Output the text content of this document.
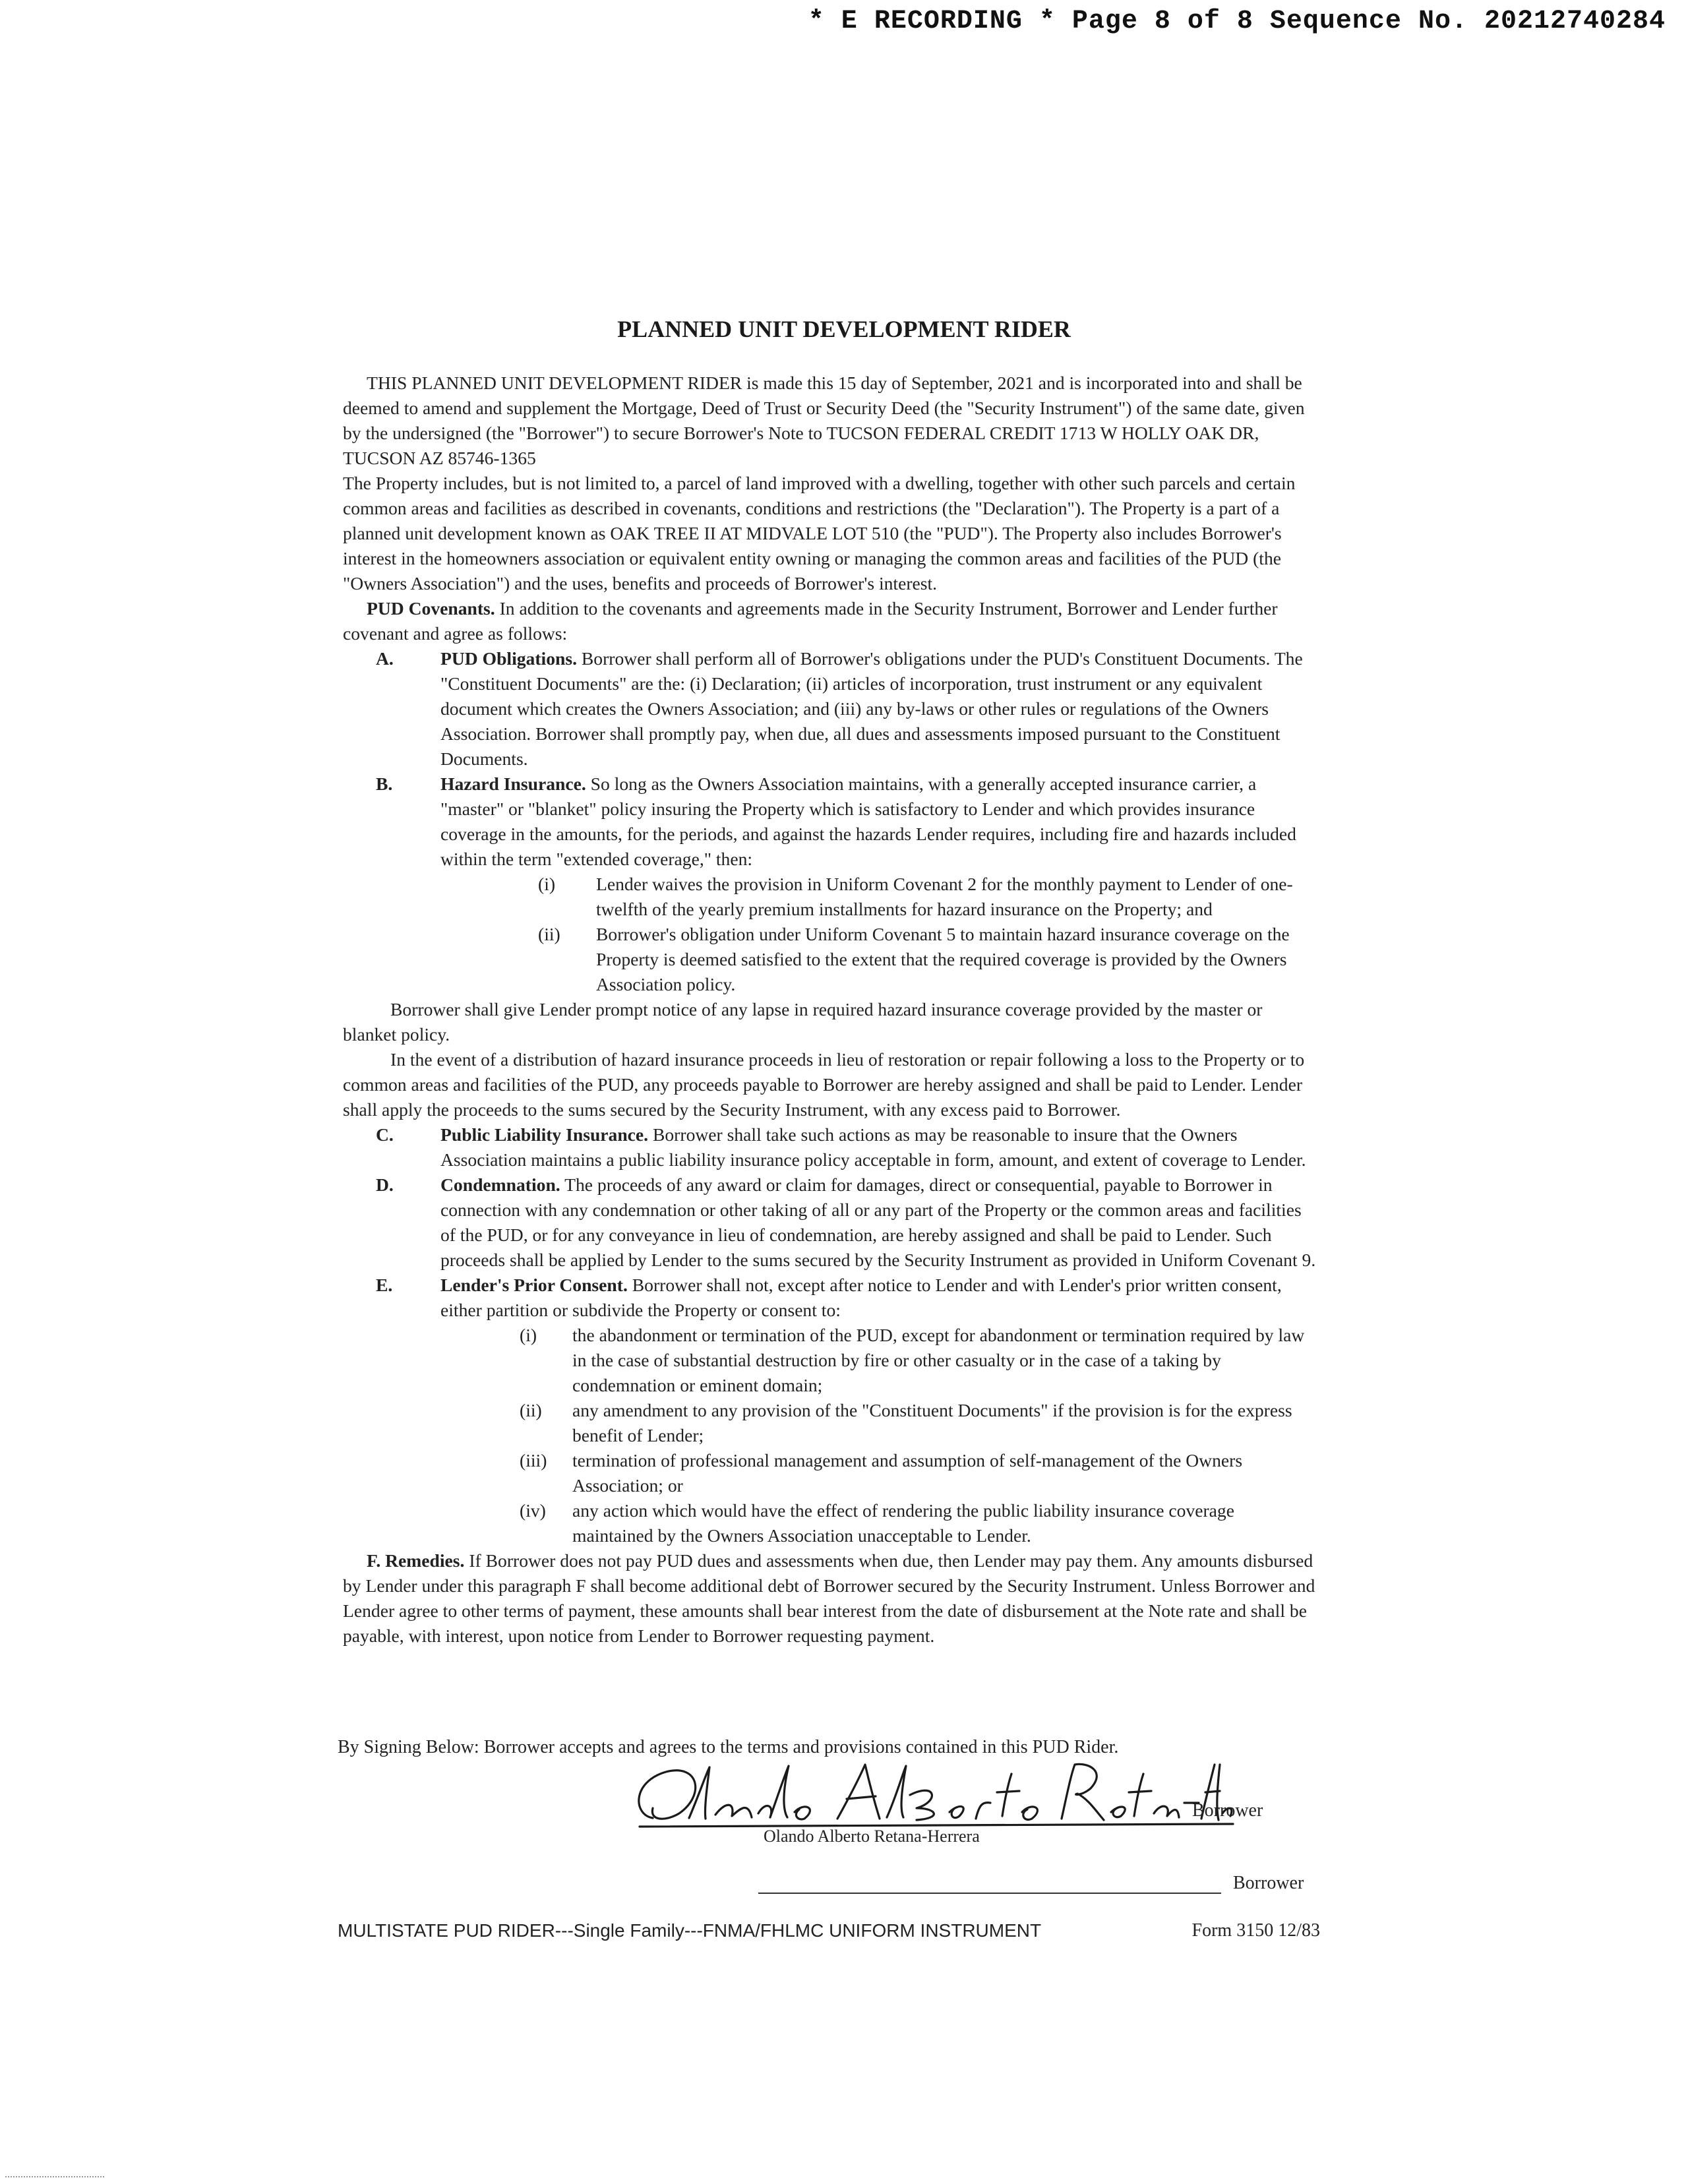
* E RECORDING * Page 8 of 8 Sequence No. 20212740284
PLANNED UNIT DEVELOPMENT RIDER

THIS PLANNED UNIT DEVELOPMENT RIDER is made this 15 day of September, 2021 and is incorporated into and shall be deemed to amend and supplement the Mortgage, Deed of Trust or Security Deed (the "Security Instrument") of the same date, given by the undersigned (the "Borrower") to secure Borrower's Note to TUCSON FEDERAL CREDIT 1713 W HOLLY OAK DR, TUCSON AZ 85746-1365

The Property includes, but is not limited to, a parcel of land improved with a dwelling, together with other such parcels and certain common areas and facilities as described in covenants, conditions and restrictions (the "Declaration"). The Property is a part of a planned unit development known as OAK TREE II AT MIDVALE LOT 510 (the "PUD"). The Property also includes Borrower's interest in the homeowners association or equivalent entity owning or managing the common areas and facilities of the PUD (the "Owners Association") and the uses, benefits and proceeds of Borrower's interest.

PUD Covenants. In addition to the covenants and agreements made in the Security Instrument, Borrower and Lender further covenant and agree as follows:

A.	PUD Obligations. Borrower shall perform all of Borrower's obligations under the PUD's Constituent Documents. The "Constituent Documents" are the: (i) Declaration; (ii) articles of incorporation, trust instrument or any equivalent document which creates the Owners Association; and (iii) any by-laws or other rules or regulations of the Owners Association. Borrower shall promptly pay, when due, all dues and assessments imposed pursuant to the Constituent Documents.
B.	Hazard Insurance. So long as the Owners Association maintains, with a generally accepted insurance carrier, a "master" or "blanket" policy insuring the Property which is satisfactory to Lender and which provides insurance coverage in the amounts, for the periods, and against the hazards Lender requires, including fire and hazards included within the term "extended coverage," then:
(i)	Lender waives the provision in Uniform Covenant 2 for the monthly payment to Lender of one-twelfth of the yearly premium installments for hazard insurance on the Property; and
(ii)	Borrower's obligation under Uniform Covenant 5 to maintain hazard insurance coverage on the Property is deemed satisfied to the extent that the required coverage is provided by the Owners Association policy.

Borrower shall give Lender prompt notice of any lapse in required hazard insurance coverage provided by the master or blanket policy.

In the event of a distribution of hazard insurance proceeds in lieu of restoration or repair following a loss to the Property or to common areas and facilities of the PUD, any proceeds payable to Borrower are hereby assigned and shall be paid to Lender. Lender shall apply the proceeds to the sums secured by the Security Instrument, with any excess paid to Borrower.

C.	Public Liability Insurance. Borrower shall take such actions as may be reasonable to insure that the Owners Association maintains a public liability insurance policy acceptable in form, amount, and extent of coverage to Lender.
D.	Condemnation. The proceeds of any award or claim for damages, direct or consequential, payable to Borrower in connection with any condemnation or other taking of all or any part of the Property or the common areas and facilities of the PUD, or for any conveyance in lieu of condemnation, are hereby assigned and shall be paid to Lender. Such proceeds shall be applied by Lender to the sums secured by the Security Instrument as provided in Uniform Covenant 9.
E.	Lender's Prior Consent. Borrower shall not, except after notice to Lender and with Lender's prior written consent, either partition or subdivide the Property or consent to:
(i)	the abandonment or termination of the PUD, except for abandonment or termination required by law in the case of substantial destruction by fire or other casualty or in the case of a taking by condemnation or eminent domain;
(ii)	any amendment to any provision of the "Constituent Documents" if the provision is for the express benefit of Lender;
(iii)	termination of professional management and assumption of self-management of the Owners Association; or
(iv)	any action which would have the effect of rendering the public liability insurance coverage maintained by the Owners Association unacceptable to Lender.

F. Remedies. If Borrower does not pay PUD dues and assessments when due, then Lender may pay them. Any amounts disbursed by Lender under this paragraph F shall become additional debt of Borrower secured by the Security Instrument. Unless Borrower and Lender agree to other terms of payment, these amounts shall bear interest from the date of disbursement at the Note rate and shall be payable, with interest, upon notice from Lender to Borrower requesting payment.

By Signing Below: Borrower accepts and agrees to the terms and provisions contained in this PUD Rider.
Borrower
Olando Alberto Retana-Herrera
Borrower
MULTISTATE PUD RIDER---Single Family---FNMA/FHLMC UNIFORM INSTRUMENT	Form 3150 12/83
